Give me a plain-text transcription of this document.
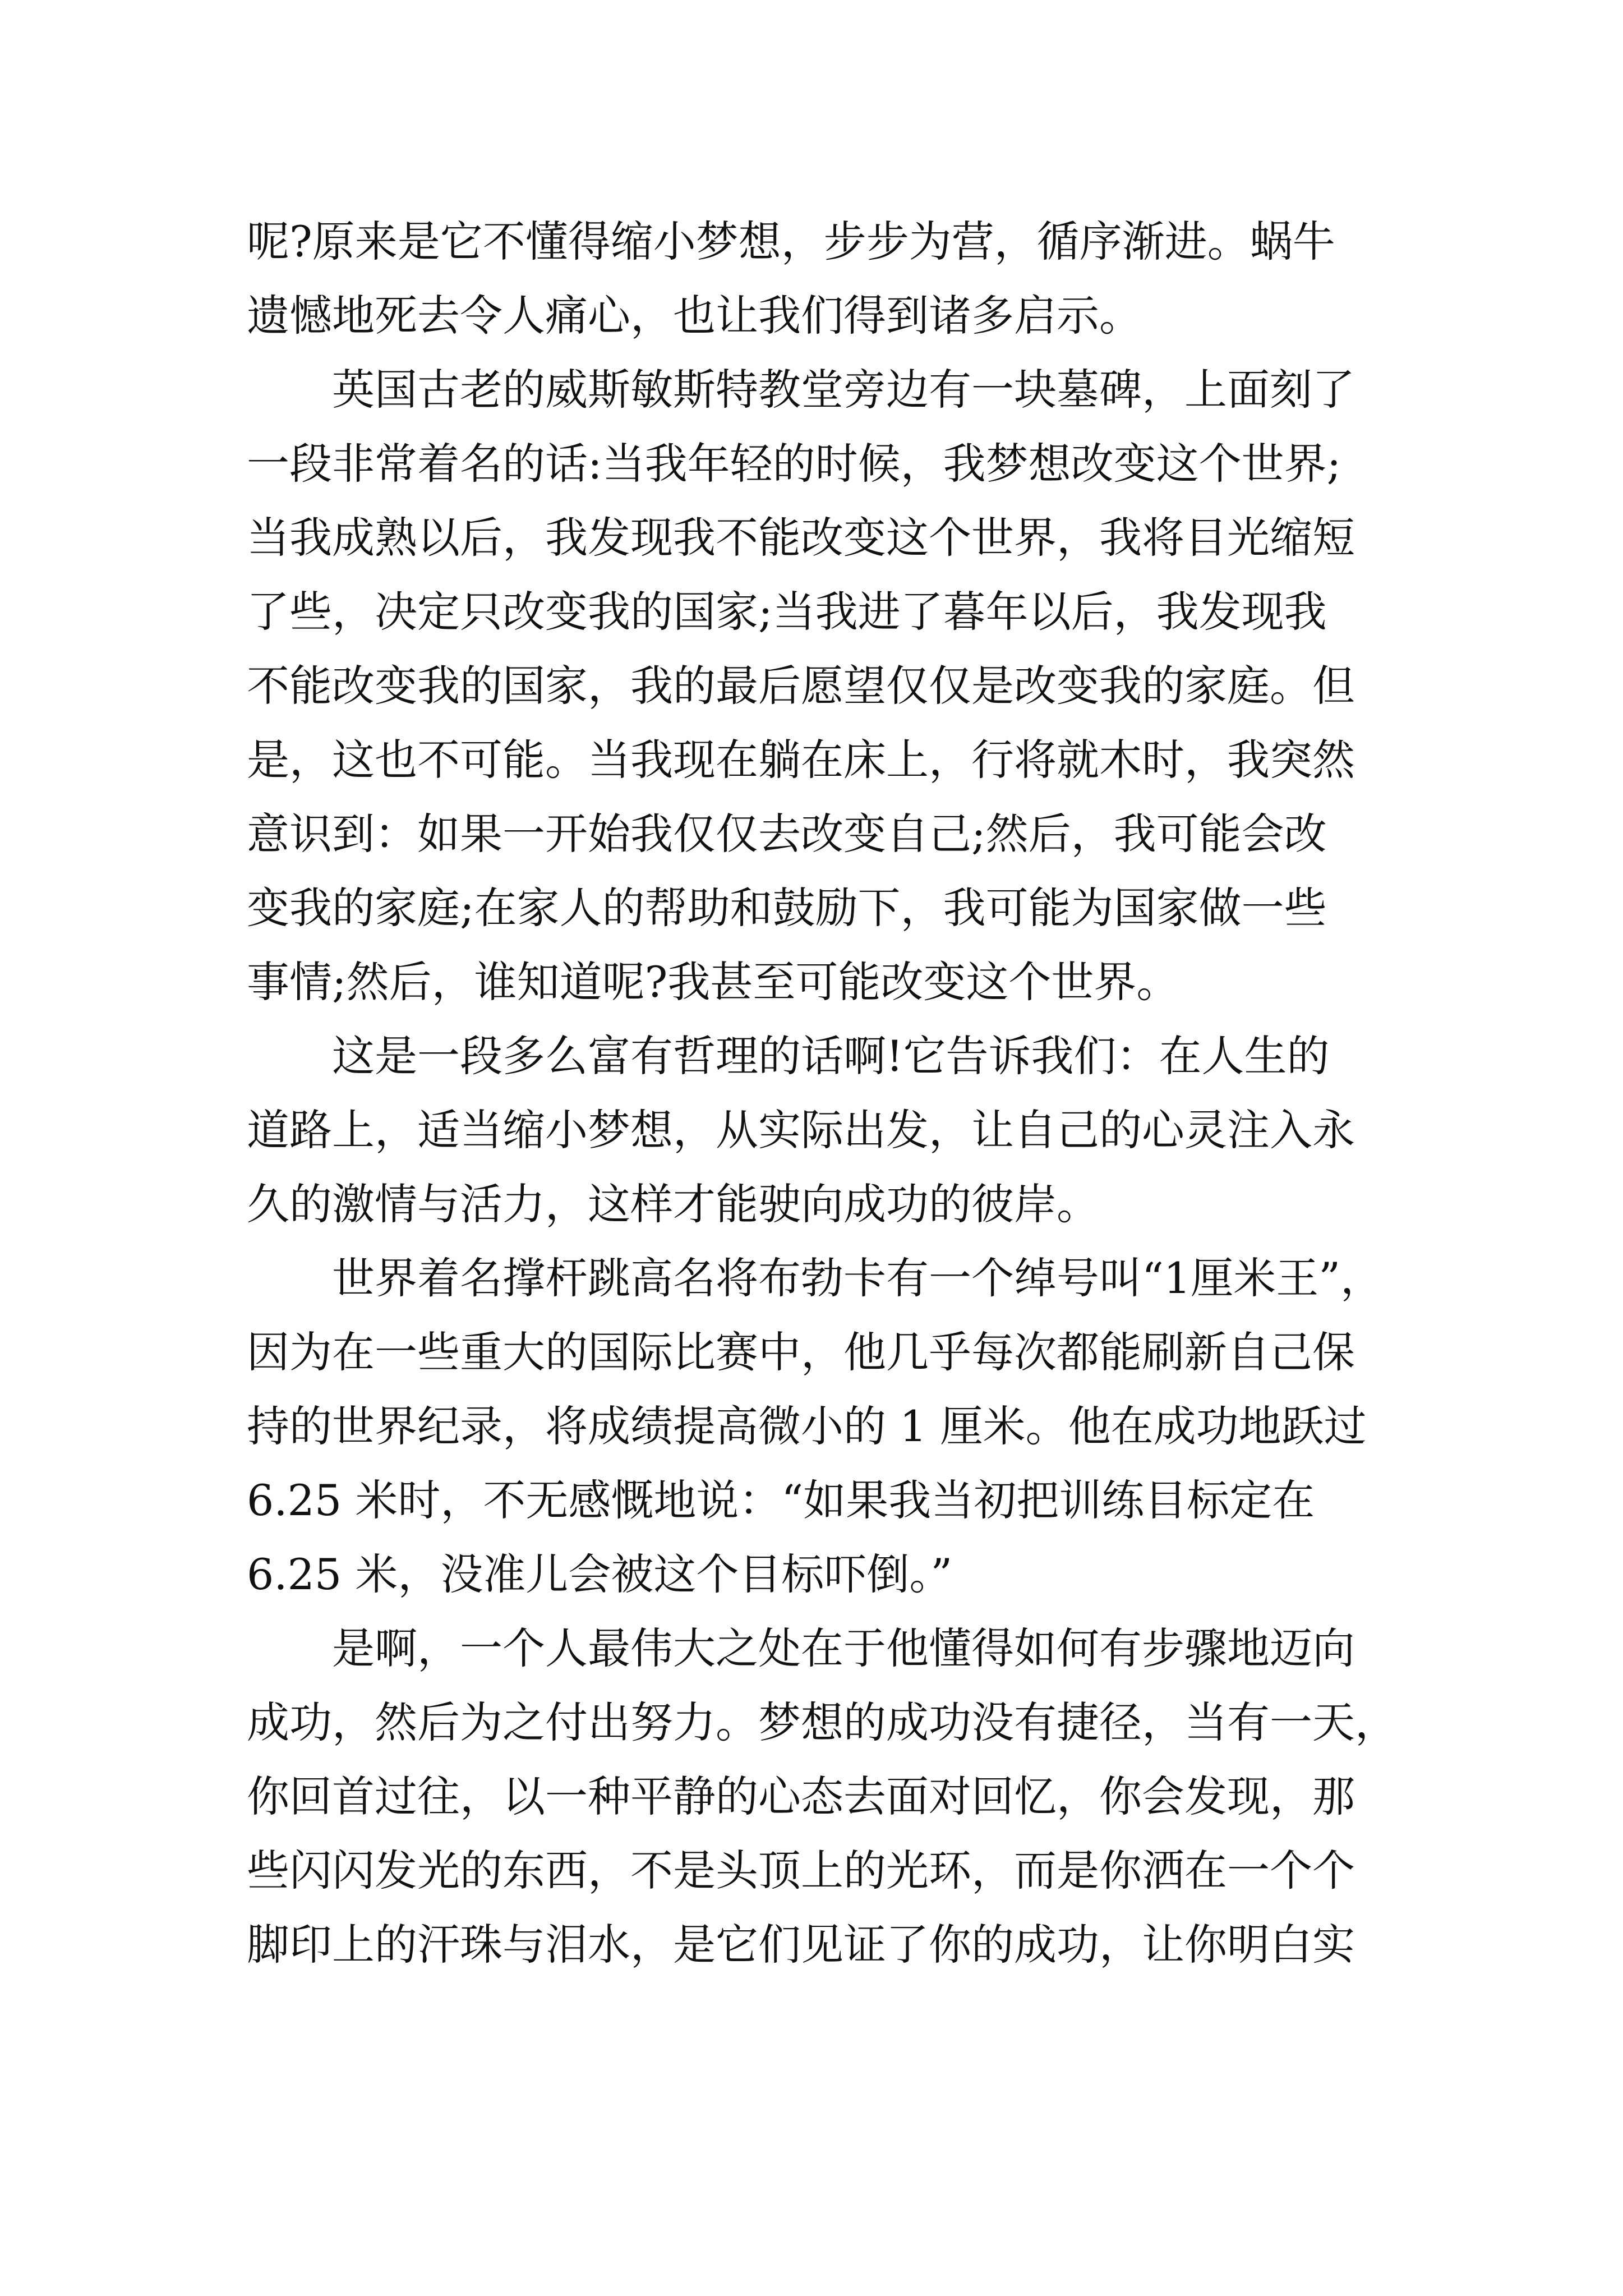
呢?原来是它不懂得缩小梦想，步步为营，循序渐进。蜗牛
遗憾地死去令人痛心，也让我们得到诸多启示。

　　英国古老的威斯敏斯特教堂旁边有一块墓碑，上面刻了
一段非常着名的话:当我年轻的时候，我梦想改变这个世界;
当我成熟以后，我发现我不能改变这个世界，我将目光缩短
了些，决定只改变我的国家;当我进了暮年以后，我发现我
不能改变我的国家，我的最后愿望仅仅是改变我的家庭。但
是，这也不可能。当我现在躺在床上，行将就木时，我突然
意识到：如果一开始我仅仅去改变自己;然后，我可能会改
变我的家庭;在家人的帮助和鼓励下，我可能为国家做一些
事情;然后，谁知道呢?我甚至可能改变这个世界。

　　这是一段多么富有哲理的话啊!它告诉我们：在人生的
道路上，适当缩小梦想，从实际出发，让自己的心灵注入永
久的激情与活力，这样才能驶向成功的彼岸。

　　世界着名撑杆跳高名将布勃卡有一个绰号叫“1厘米王”，
因为在一些重大的国际比赛中，他几乎每次都能刷新自己保
持的世界纪录，将成绩提高微小的 1 厘米。他在成功地跃过
6.25 米时，不无感慨地说：“如果我当初把训练目标定在
6.25 米，没准儿会被这个目标吓倒。”

　　是啊，一个人最伟大之处在于他懂得如何有步骤地迈向
成功，然后为之付出努力。梦想的成功没有捷径，当有一天，
你回首过往，以一种平静的心态去面对回忆，你会发现，那
些闪闪发光的东西，不是头顶上的光环，而是你洒在一个个
脚印上的汗珠与泪水，是它们见证了你的成功，让你明白实
